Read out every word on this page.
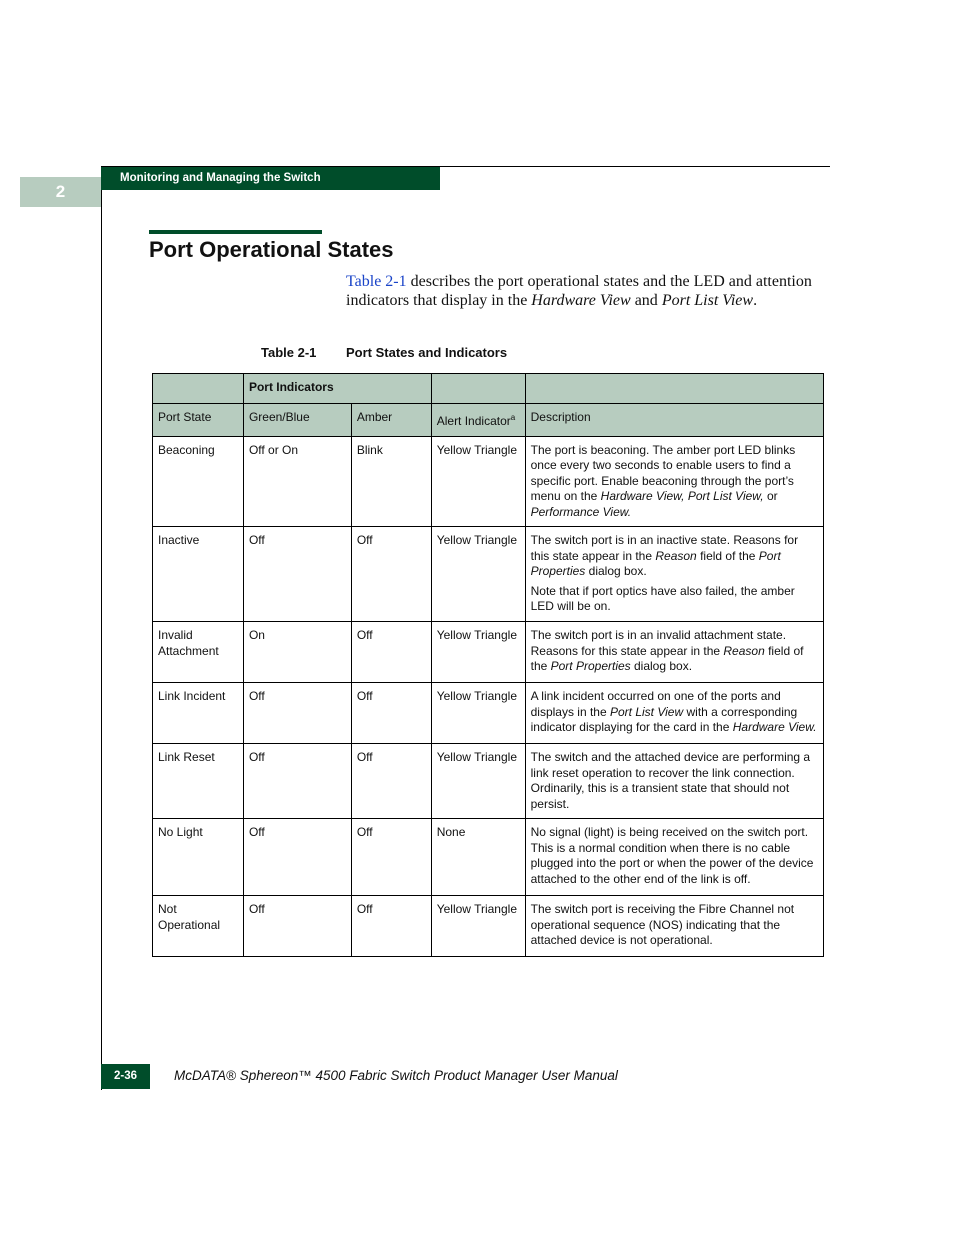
2
Monitoring and Managing the Switch
Port Operational States

Table 2-1 describes the port operational states and the LED and attention indicators that display in the Hardware View and Port List View.

Table 2-1 Port States and Indicators
	Port Indicators			
Port State	Green/Blue	Amber	Alert Indicator$^a$	Description
Beaconing	Off or On	Blink	Yellow Triangle	The port is beaconing. The amber port LED blinks once every two seconds to enable users to find a specific port. Enable beaconing through the port’s menu on the Hardware View, Port List View, or Performance View.

Inactive	Off	Off	Yellow Triangle	The switch port is in an inactive state. Reasons for this state appear in the Reason field of the Port Properties dialog box.

Note that if port optics have also failed, the amber LED will be on.

Invalid Attachment	On	Off	Yellow Triangle	The switch port is in an invalid attachment state. Reasons for this state appear in the Reason field of the Port Properties dialog box.

Link Incident	Off	Off	Yellow Triangle	A link incident occurred on one of the ports and displays in the Port List View with a corresponding indicator displaying for the card in the Hardware View.

Link Reset	Off	Off	Yellow Triangle	The switch and the attached device are performing a link reset operation to recover the link connection. Ordinarily, this is a transient state that should not persist.

No Light	Off	Off	None	No signal (light) is being received on the switch port. This is a normal condition when there is no cable plugged into the port or when the power of the device attached to the other end of the link is off.

Not Operational	Off	Off	Yellow Triangle	The switch port is receiving the Fibre Channel not operational sequence (NOS) indicating that the attached device is not operational.

2-36	McDATA® Sphereon™ 4500 Fabric Switch Product Manager User Manual
